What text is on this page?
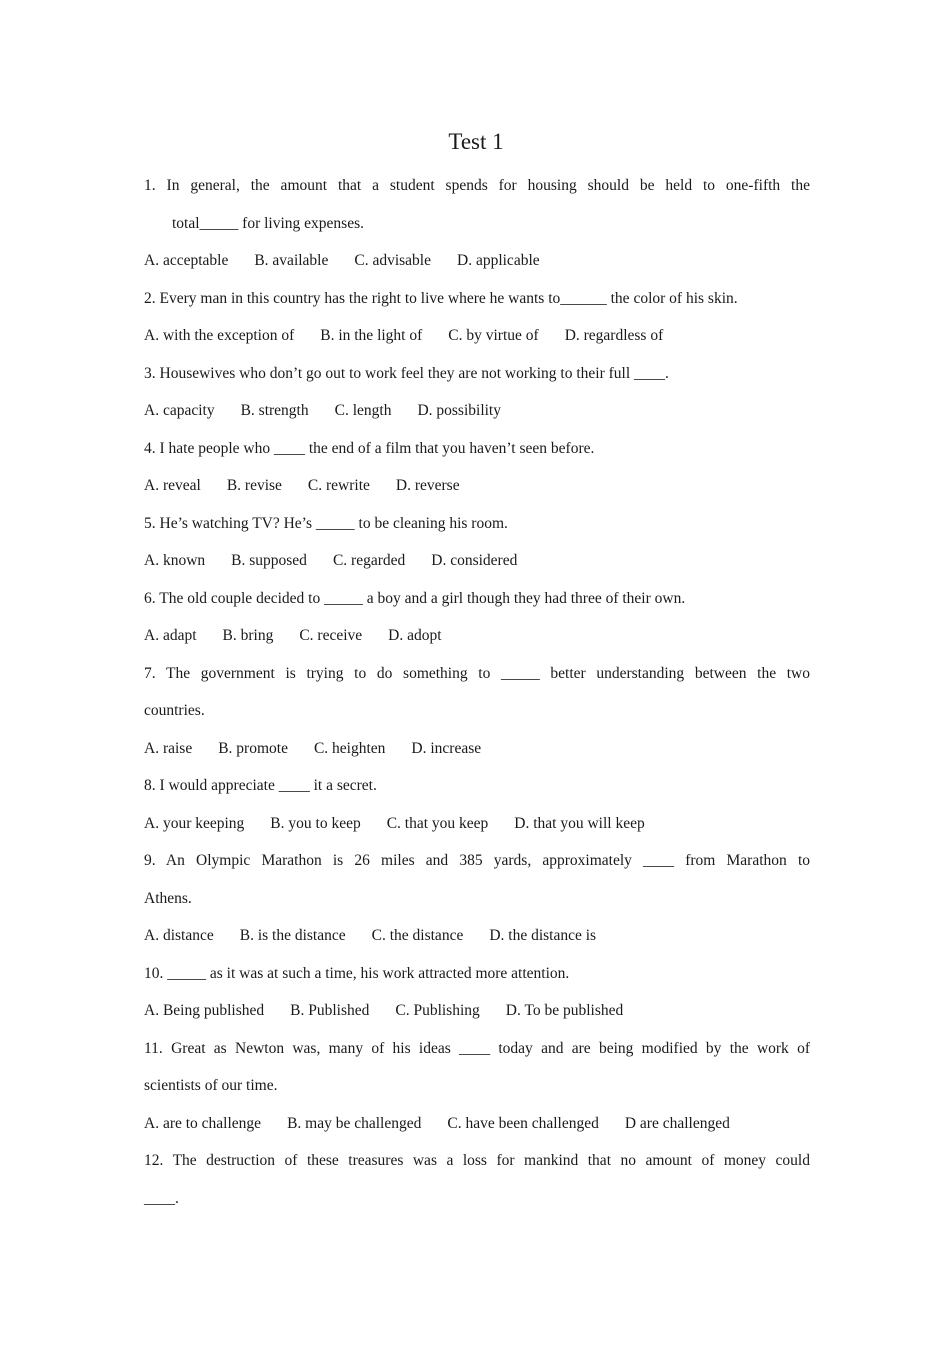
Test 1
1. In general, the amount that a student spends for housing should be held to one-fifth the
total_____ for living expenses.
A. acceptable B. available C. advisable D. applicable
2. Every man in this country has the right to live where he wants to______ the color of his skin.
A. with the exception of B. in the light of C. by virtue of D. regardless of
3. Housewives who don’t go out to work feel they are not working to their full ____.
A. capacity B. strength C. length D. possibility
4. I hate people who ____ the end of a film that you haven’t seen before.
A. reveal B. revise C. rewrite D. reverse
5. He’s watching TV? He’s _____ to be cleaning his room.
A. known B. supposed C. regarded D. considered
6. The old couple decided to _____ a boy and a girl though they had three of their own.
A. adapt B. bring C. receive D. adopt
7. The government is trying to do something to _____ better understanding between the two
countries.
A. raise B. promote C. heighten D. increase
8. I would appreciate ____ it a secret.
A. your keeping B. you to keep C. that you keep D. that you will keep
9. An Olympic Marathon is 26 miles and 385 yards, approximately ____ from Marathon to
Athens.
A. distance B. is the distance C. the distance D. the distance is
10. _____ as it was at such a time, his work attracted more attention.
A. Being published B. Published C. Publishing D. To be published
11. Great as Newton was, many of his ideas ____ today and are being modified by the work of
scientists of our time.
A. are to challenge B. may be challenged C. have been challenged D are challenged
12. The destruction of these treasures was a loss for mankind that no amount of money could
____.
